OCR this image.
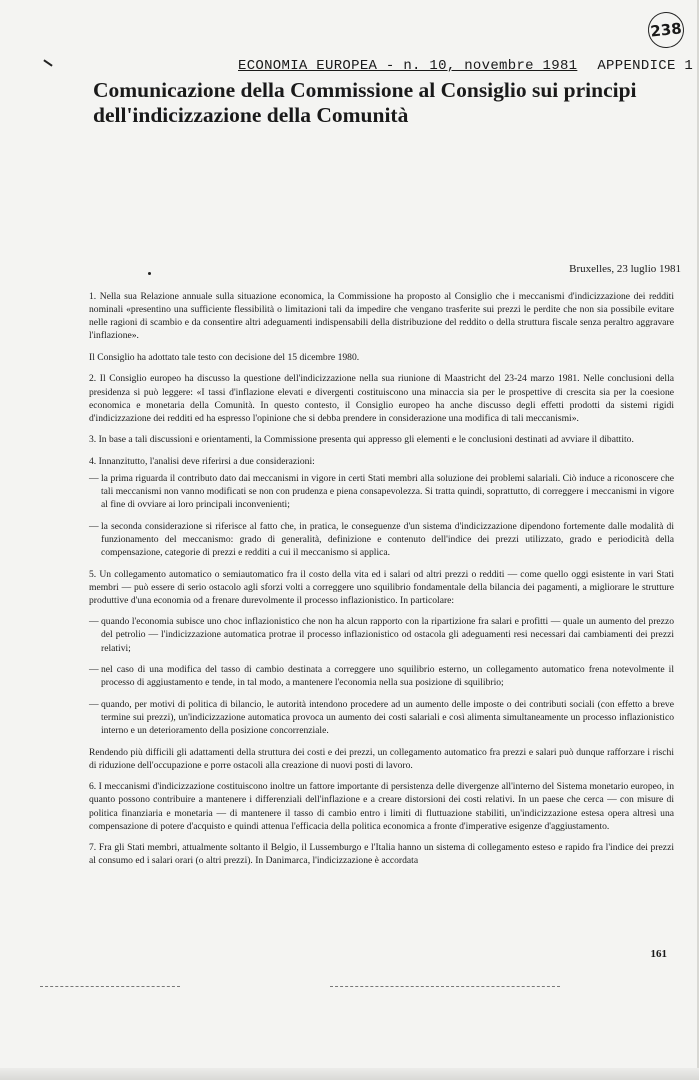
238
ECONOMIA EUROPEA - n. 10, novembre 1981 APPENDICE 1
Comunicazione della Commissione al Consiglio sui principi dell'indicizzazione della Comunità
Bruxelles, 23 luglio 1981

1. Nella sua Relazione annuale sulla situazione economica, la Commissione ha proposto al Consiglio che i meccanismi d'indicizzazione dei redditi nominali «presentino una sufficiente flessibilità o limitazioni tali da impedire che vengano trasferite sui prezzi le perdite che non sia possibile evitare nelle ragioni di scambio e da consentire altri adeguamenti indispensabili della distribuzione del reddito o della struttura fiscale senza peraltro aggravare l'inflazione».

Il Consiglio ha adottato tale testo con decisione del 15 dicembre 1980.

2. Il Consiglio europeo ha discusso la questione dell'indicizzazione nella sua riunione di Maastricht del 23-24 marzo 1981. Nelle conclusioni della presidenza si può leggere: «I tassi d'inflazione elevati e divergenti costituiscono una minaccia sia per le prospettive di crescita sia per la coesione economica e monetaria della Comunità. In questo contesto, il Consiglio europeo ha anche discusso degli effetti prodotti da sistemi rigidi d'indicizzazione dei redditi ed ha espresso l'opinione che si debba prendere in considerazione una modifica di tali meccanismi».

3. In base a tali discussioni e orientamenti, la Commissione presenta qui appresso gli elementi e le conclusioni destinati ad avviare il dibattito.

4. Innanzitutto, l'analisi deve riferirsi a due considerazioni:

— la prima riguarda il contributo dato dai meccanismi in vigore in certi Stati membri alla soluzione dei problemi salariali. Ciò induce a riconoscere che tali meccanismi non vanno modificati se non con prudenza e piena consapevolezza. Si tratta quindi, soprattutto, di correggere i meccanismi in vigore al fine di ovviare ai loro principali inconvenienti;
— la seconda considerazione si riferisce al fatto che, in pratica, le conseguenze d'un sistema d'indicizzazione dipendono fortemente dalle modalità di funzionamento del meccanismo: grado di generalità, definizione e contenuto dell'indice dei prezzi utilizzato, grado e periodicità della compensazione, categorie di prezzi e redditi a cui il meccanismo si applica.

5. Un collegamento automatico o semiautomatico fra il costo della vita ed i salari od altri prezzi o redditi — come quello oggi esistente in vari Stati membri — può essere di serio ostacolo agli sforzi volti a correggere uno squilibrio fondamentale della bilancia dei pagamenti, a migliorare le strutture produttive d'una economia od a frenare durevolmente il processo inflazionistico. In particolare:

— quando l'economia subisce uno choc inflazionistico che non ha alcun rapporto con la ripartizione fra salari e profitti — quale un aumento del prezzo del petrolio — l'indicizzazione automatica protrae il processo inflazionistico od ostacola gli adeguamenti resi necessari dai cambiamenti dei prezzi relativi;
— nel caso di una modifica del tasso di cambio destinata a correggere uno squilibrio esterno, un collegamento automatico frena notevolmente il processo di aggiustamento e tende, in tal modo, a mantenere l'economia nella sua posizione di squilibrio;
— quando, per motivi di politica di bilancio, le autorità intendono procedere ad un aumento delle imposte o dei contributi sociali (con effetto a breve termine sui prezzi), un'indicizzazione automatica provoca un aumento dei costi salariali e così alimenta simultaneamente un processo inflazionistico interno e un deterioramento della posizione concorrenziale.

Rendendo più difficili gli adattamenti della struttura dei costi e dei prezzi, un collegamento automatico fra prezzi e salari può dunque rafforzare i rischi di riduzione dell'occupazione e porre ostacoli alla creazione di nuovi posti di lavoro.

6. I meccanismi d'indicizzazione costituiscono inoltre un fattore importante di persistenza delle divergenze all'interno del Sistema monetario europeo, in quanto possono contribuire a mantenere i differenziali dell'inflazione e a creare distorsioni dei costi relativi. In un paese che cerca — con misure di politica finanziaria e monetaria — di mantenere il tasso di cambio entro i limiti di fluttuazione stabiliti, un'indicizzazione estesa opera altresì una compensazione di potere d'acquisto e quindi attenua l'efficacia della politica economica a fronte d'imperative esigenze d'aggiustamento.

7. Fra gli Stati membri, attualmente soltanto il Belgio, il Lussemburgo e l'Italia hanno un sistema di collegamento esteso e rapido fra l'indice dei prezzi al consumo ed i salari orari (o altri prezzi). In Danimarca, l'indicizzazione è accordata

161
